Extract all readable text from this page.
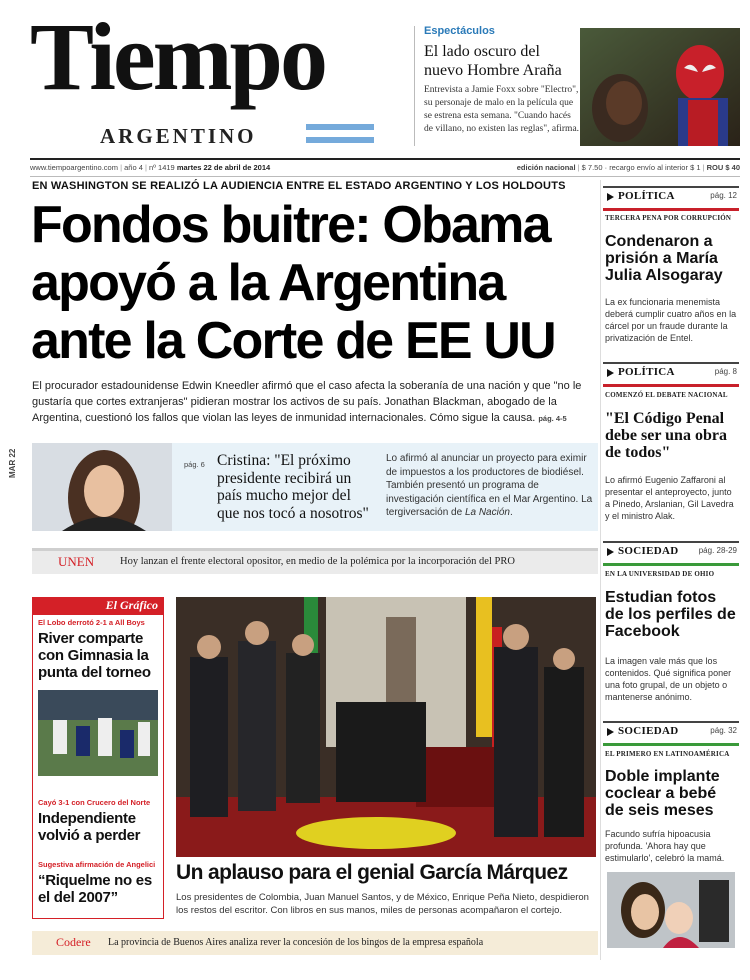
Tiempo
ARGENTINO
Espectáculos
El lado oscuro del nuevo Hombre Araña
Entrevista a Jamie Foxx sobre "Electro", su personaje de malo en la película que se estrena esta semana. "Cuando hacés de villano, no existen las reglas", afirma.
www.tiempoargentino.com | año 4 | nº 1419 martes 22 de abril de 2014	edición nacional | $ 7.50 · recargo envío al interior $ 1 | ROU $ 40
EN WASHINGTON SE REALIZÓ LA AUDIENCIA ENTRE EL ESTADO ARGENTINO Y LOS HOLDOUTS
Fondos buitre: Obama apoyó a la Argentina ante la Corte de EE UU
El procurador estadounidense Edwin Kneedler afirmó que el caso afecta la soberanía de una nación y que "no le gustaría que cortes extranjeras" pidieran mostrar los activos de su país. Jonathan Blackman, abogado de la Argentina, cuestionó los fallos que violan las leyes de inmunidad internacionales. Cómo sigue la causa. pág. 4-5
MAR 22	pág. 6 Cristina: "El próximo presidente recibirá un país mucho mejor del que nos tocó a nosotros"
Lo afirmó al anunciar un proyecto para eximir de impuestos a los productores de biodiésel. También presentó un programa de investigación científica en el Mar Argentino. La tergiversación de La Nación.
UNEN Hoy lanzan el frente electoral opositor, en medio de la polémica por la incorporación del PRO
El Gráfico
El Lobo derrotó 2-1 a All Boys
River comparte con Gimnasia la punta del torneo
Cayó 3-1 con Crucero del Norte
Independiente volvió a perder
Sugestiva afirmación de Angelici
“Riquelme no es el del 2007”
Un aplauso para el genial García Márquez
Los presidentes de Colombia, Juan Manuel Santos, y de México, Enrique Peña Nieto, despidieron los restos del escritor. Con libros en sus manos, miles de personas acompañaron el cortejo.
Codere La provincia de Buenos Aires analiza rever la concesión de los bingos de la empresa española
POLÍTICA	pág. 12
TERCERA PENA POR CORRUPCIÓN
Condenaron a prisión a María Julia Alsogaray
La ex funcionaria menemista deberá cumplir cuatro años en la cárcel por un fraude durante la privatización de Entel.
POLÍTICA	pág. 8
COMENZÓ EL DEBATE NACIONAL
"El Código Penal debe ser una obra de todos"
Lo afirmó Eugenio Zaffaroni al presentar el anteproyecto, junto a Pinedo, Arslanian, Gil Lavedra y el ministro Alak.
SOCIEDAD	pág. 28-29
EN LA UNIVERSIDAD DE OHIO
Estudian fotos de los perfiles de Facebook
La imagen vale más que los contenidos. Qué significa poner una foto grupal, de un objeto o mantenerse anónimo.
SOCIEDAD	pág. 32
EL PRIMERO EN LATINOAMÉRICA
Doble implante coclear a bebé de seis meses
Facundo sufría hipoacusia profunda. 'Ahora hay que estimularlo', celebró la mamá.
